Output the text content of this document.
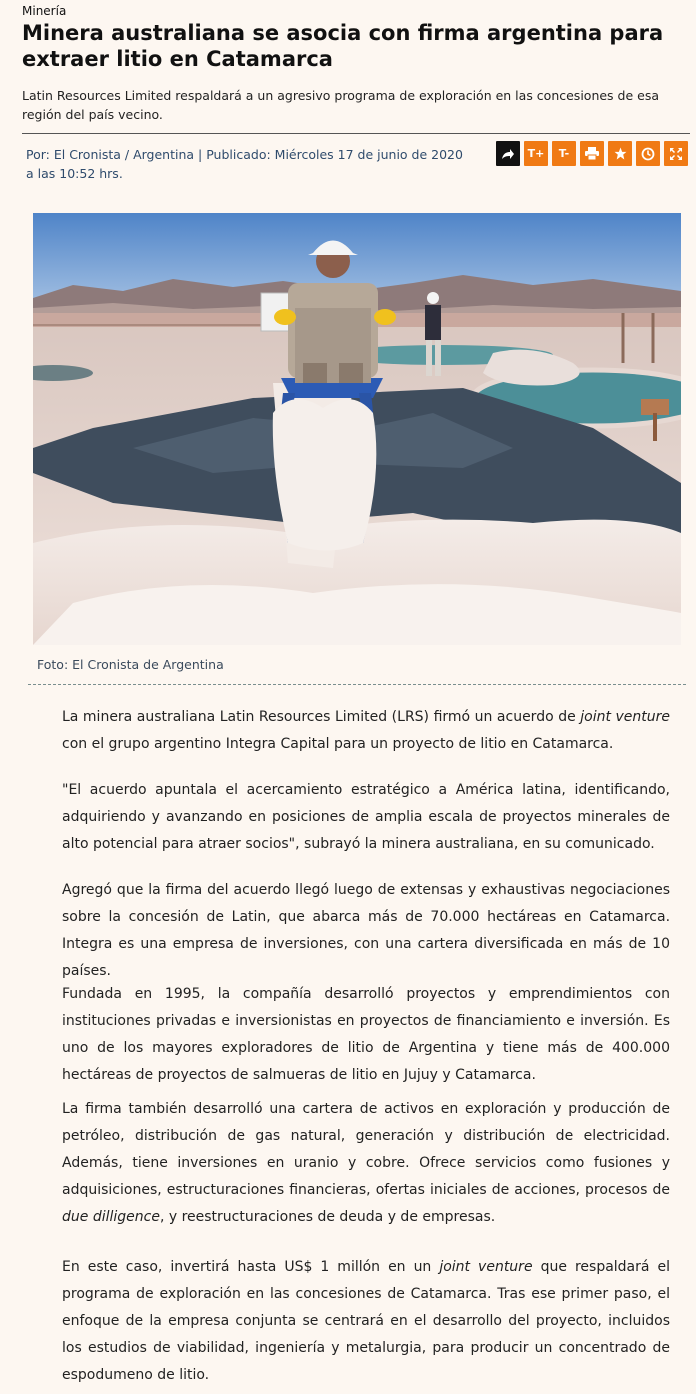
Minería
Minera australiana se asocia con firma argentina para extraer litio en Catamarca

Latin Resources Limited respaldará a un agresivo programa de exploración en las concesiones de esa región del país vecino.

Por: El Cronista / Argentina | Publicado: Miércoles 17 de junio de 2020 a las 10:52 hrs.
T+	T-
Foto: El Cronista de Argentina

La minera australiana Latin Resources Limited (LRS) firmó un acuerdo de joint venture con el grupo argentino Integra Capital para un proyecto de litio en Catamarca.

"El acuerdo apuntala el acercamiento estratégico a América latina, identificando, adquiriendo y avanzando en posiciones de amplia escala de proyectos minerales de alto potencial para atraer socios", subrayó la minera australiana, en su comunicado.

Agregó que la firma del acuerdo llegó luego de extensas y exhaustivas negociaciones sobre la concesión de Latin, que abarca más de 70.000 hectáreas en Catamarca. Integra es una empresa de inversiones, con una cartera diversificada en más de 10 países.

Fundada en 1995, la compañía desarrolló proyectos y emprendimientos con instituciones privadas e inversionistas en proyectos de financiamiento e inversión. Es uno de los mayores exploradores de litio de Argentina y tiene más de 400.000 hectáreas de proyectos de salmueras de litio en Jujuy y Catamarca.

La firma también desarrolló una cartera de activos en exploración y producción de petróleo, distribución de gas natural, generación y distribución de electricidad. Además, tiene inversiones en uranio y cobre. Ofrece servicios como fusiones y adquisiciones, estructuraciones financieras, ofertas iniciales de acciones, procesos de due dilligence, y reestructuraciones de deuda y de empresas.

En este caso, invertirá hasta US$ 1 millón en un joint venture que respaldará el programa de exploración en las concesiones de Catamarca. Tras ese primer paso, el enfoque de la empresa conjunta se centrará en el desarrollo del proyecto, incluidos los estudios de viabilidad, ingeniería y metalurgia, para producir un concentrado de espodumeno de litio.
